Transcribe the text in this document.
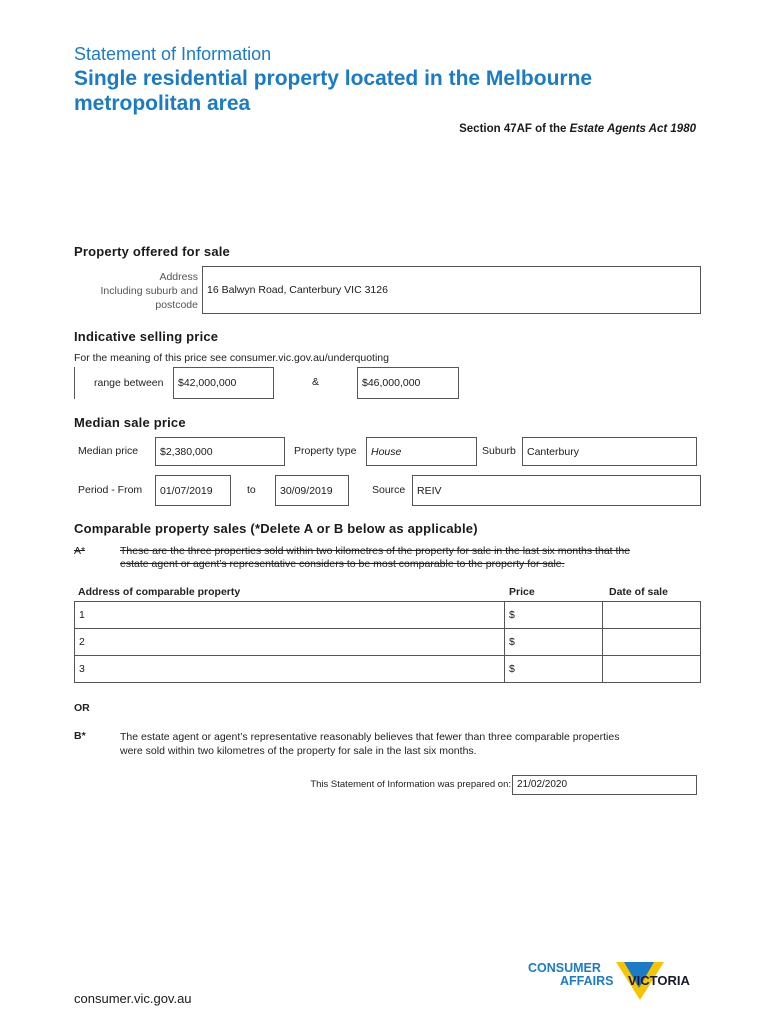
Statement of Information
Single residential property located in the Melbourne metropolitan area
Section 47AF of the Estate Agents Act 1980
Property offered for sale
Address
Including suburb and
postcode
16 Balwyn Road, Canterbury VIC 3126
Indicative selling price
For the meaning of this price see consumer.vic.gov.au/underquoting
range between $42,000,000	&	$46,000,000
Median sale price
Median price $2,380,000	Property type House	Suburb Canterbury
Period - From 01/07/2019	to 30/09/2019	Source REIV
Comparable property sales (*Delete A or B below as applicable)
A*	These are the three properties sold within two kilometres of the property for sale in the last six months that the
estate agent or agent’s representative considers to be most comparable to the property for sale.
Address of comparable property	Price	Date of sale
1	$	
2	$	
3	$	
OR
B*	The estate agent or agent’s representative reasonably believes that fewer than three comparable properties
were sold within two kilometres of the property for sale in the last six months.
This Statement of Information was prepared on: 21/02/2020
consumer.vic.gov.au
CONSUMER
AFFAIRS VICTORIA
